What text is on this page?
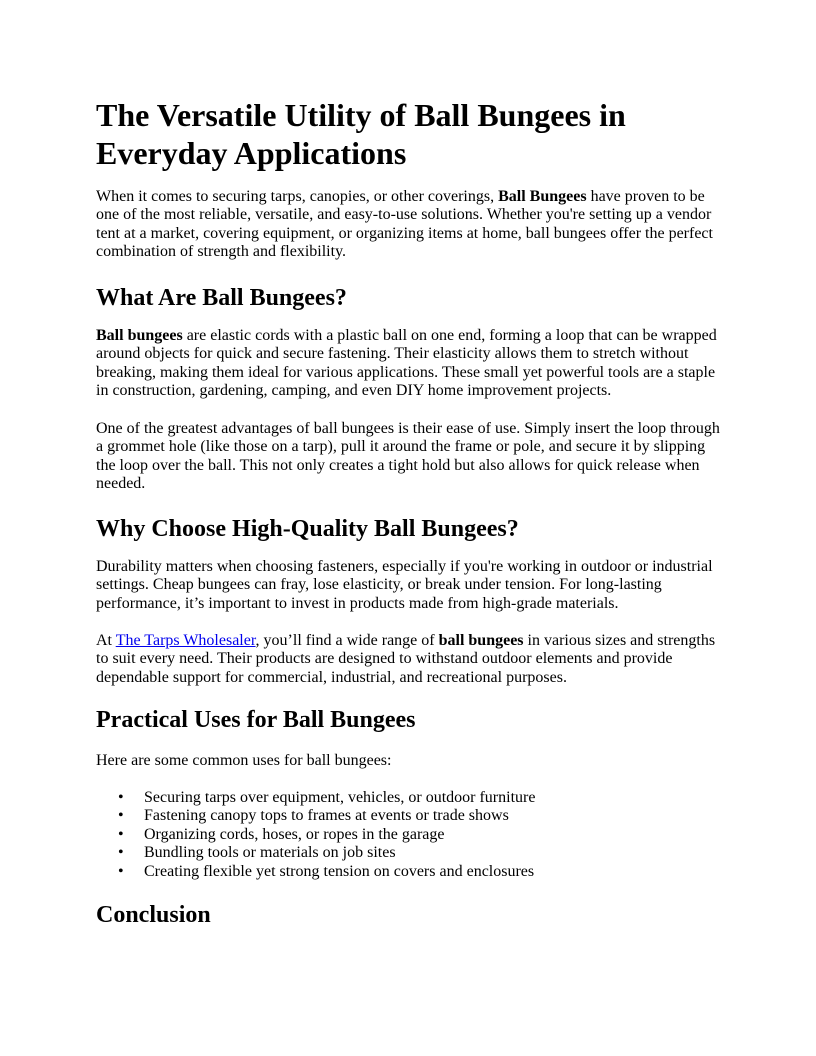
The Versatile Utility of Ball Bungees in Everyday Applications

When it comes to securing tarps, canopies, or other coverings, Ball Bungees have proven to be one of the most reliable, versatile, and easy-to-use solutions. Whether you're setting up a vendor tent at a market, covering equipment, or organizing items at home, ball bungees offer the perfect combination of strength and flexibility.

What Are Ball Bungees?

Ball bungees are elastic cords with a plastic ball on one end, forming a loop that can be wrapped around objects for quick and secure fastening. Their elasticity allows them to stretch without breaking, making them ideal for various applications. These small yet powerful tools are a staple in construction, gardening, camping, and even DIY home improvement projects.

One of the greatest advantages of ball bungees is their ease of use. Simply insert the loop through a grommet hole (like those on a tarp), pull it around the frame or pole, and secure it by slipping the loop over the ball. This not only creates a tight hold but also allows for quick release when needed.

Why Choose High-Quality Ball Bungees?

Durability matters when choosing fasteners, especially if you're working in outdoor or industrial settings. Cheap bungees can fray, lose elasticity, or break under tension. For long-lasting performance, it’s important to invest in products made from high-grade materials.

At The Tarps Wholesaler, you’ll find a wide range of ball bungees in various sizes and strengths to suit every need. Their products are designed to withstand outdoor elements and provide dependable support for commercial, industrial, and recreational purposes.

Practical Uses for Ball Bungees

Here are some common uses for ball bungees:

• Securing tarps over equipment, vehicles, or outdoor furniture
• Fastening canopy tops to frames at events or trade shows
• Organizing cords, hoses, or ropes in the garage
• Bundling tools or materials on job sites
• Creating flexible yet strong tension on covers and enclosures
Conclusion
